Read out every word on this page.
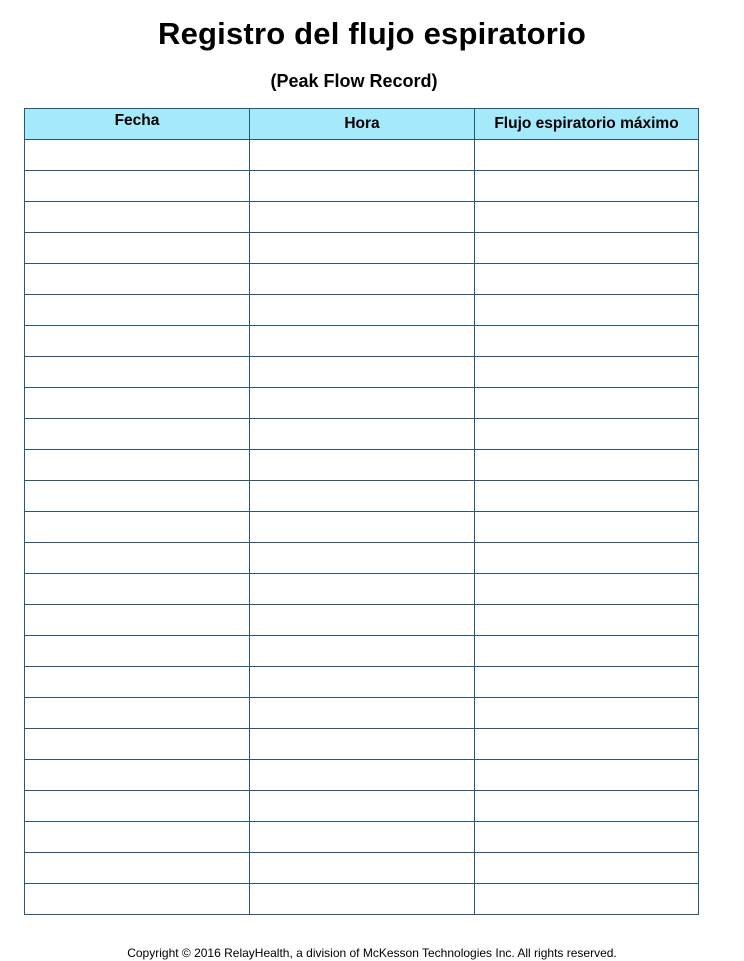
Registro del flujo espiratorio
(Peak Flow Record)
Fecha	Hora	Flujo espiratorio máximo

Copyright © 2016 RelayHealth, a division of McKesson Technologies Inc. All rights reserved.
